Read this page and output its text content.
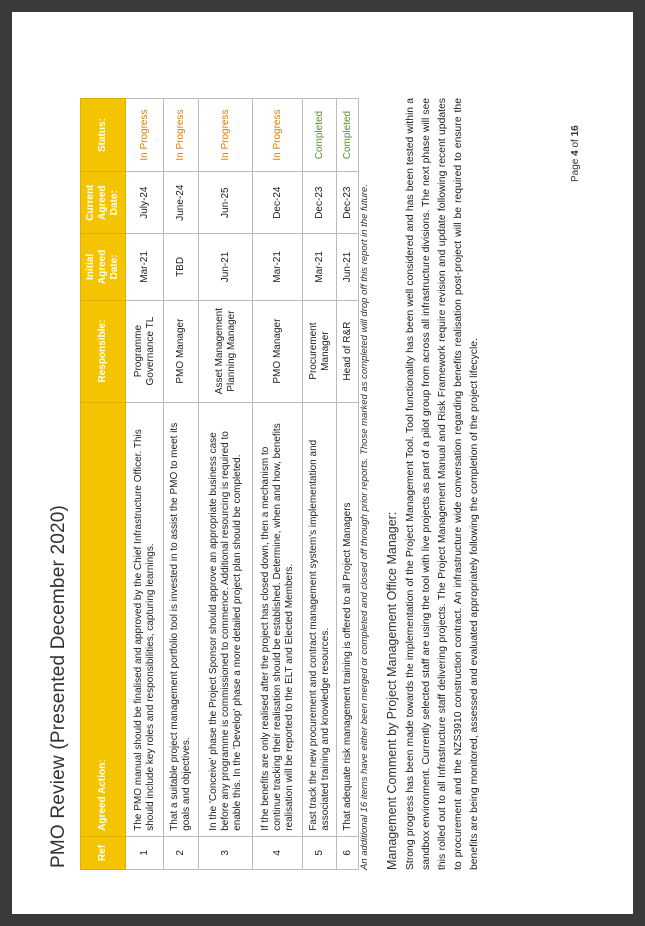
PMO Review (Presented December 2020)	Ref	Agreed Action:	Responsible:	Initial Agreed Date:	Current Agreed Date:	Status:
1	The PMO manual should be finalised and approved by the Chief Infrastructure Officer. This should include key roles and responsibilities, capturing learnings.	Programme Governance TL	Mar-21	July-24	In Progress
2	That a suitable project management portfolio tool is invested in to assist the PMO to meet its goals and objectives.	PMO Manager	TBD	June-24	In Progress
3	In the 'Conceive' phase the Project Sponsor should approve an appropriate business case before any programme is commissioned to commence. Additional resourcing is required to enable this. In the 'Develop' phase a more detailed project plan should be completed.	Asset Management Planning Manager	Jun-21	Jun-25	In Progress
4	If the benefits are only realised after the project has closed down, then a mechanism to continue tracking their realisation should be established. Determine, when and how, benefits realisation will be reported to the ELT and Elected Members.	PMO Manager	Mar-21	Dec-24	In Progress
5	Fast track the new procurement and contract management system's implementation and associated training and knowledge resources.	Procurement Manager	Mar-21	Dec-23	Completed
6	That adequate risk management training is offered to all Project Managers	Head of R&R	Jun-21	Dec-23	Completed
An additional 16 items have either been merged or completed and closed off through prior reports. Those marked as completed will drop off this report in the future. Management Comment by Project Management Office Manager: Strong progress has been made towards the implementation of the Project Management Tool. Tool functionality has been well considered and has been tested within a sandbox environment. Currently selected staff are using the tool with live projects as part of a pilot group from across all infrastructure divisions. The next phase will see this rolled out to all Infrastructure staff delivering projects. The Project Management Manual and Risk Framework require revision and update following recent updates to procurement and the NZS3910 construction contract. An infrastructure wide conversation regarding benefits realisation post-project will be required to ensure the benefits are being monitored, assessed and evaluated appropriately following the completion of the project lifecycle.
Page 4 of 16
